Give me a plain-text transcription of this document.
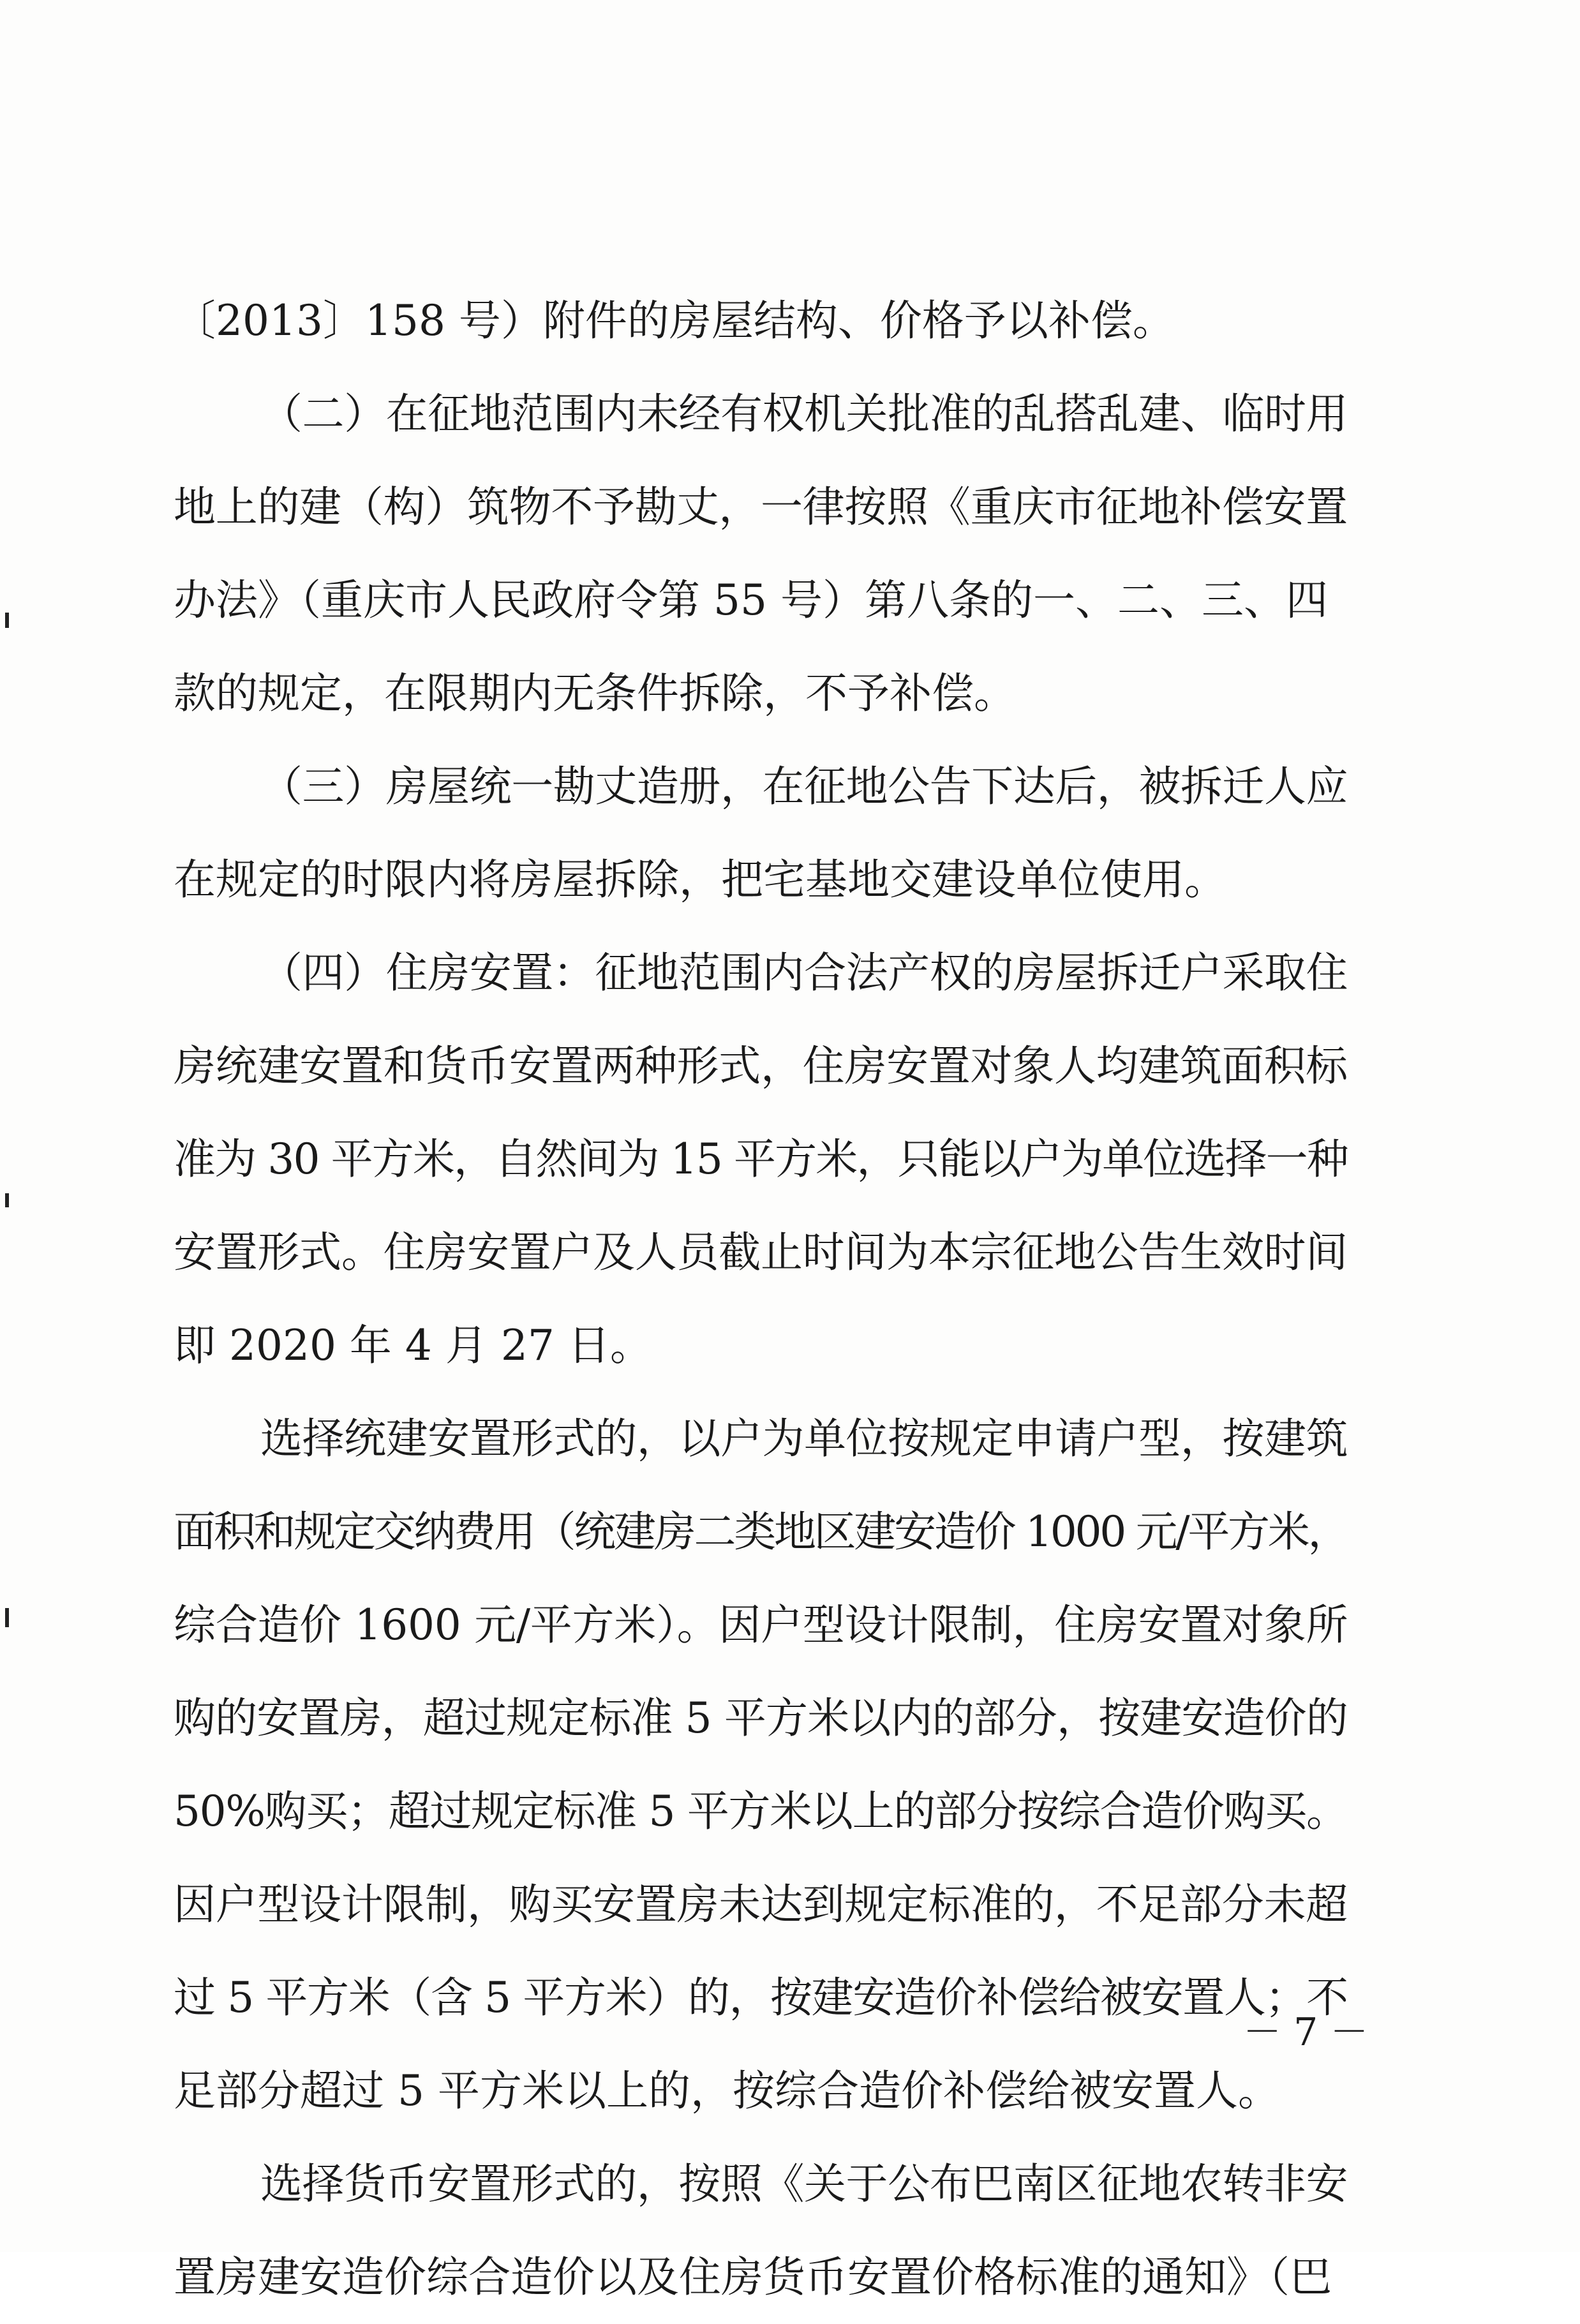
〔2013〕158 号）附件的房屋结构、价格予以补偿。
（二）在征地范围内未经有权机关批准的乱搭乱建、临时用
地上的建（构）筑物不予勘丈，一律按照《重庆市征地补偿安置
办法》（重庆市人民政府令第 55 号）第八条的一、二、三、四
款的规定，在限期内无条件拆除，不予补偿。
（三）房屋统一勘丈造册，在征地公告下达后，被拆迁人应
在规定的时限内将房屋拆除，把宅基地交建设单位使用。
（四）住房安置：征地范围内合法产权的房屋拆迁户采取住
房统建安置和货币安置两种形式，住房安置对象人均建筑面积标
准为 30 平方米，自然间为 15 平方米，只能以户为单位选择一种
安置形式。住房安置户及人员截止时间为本宗征地公告生效时间
即 2020 年 4 月 27 日。
选择统建安置形式的，以户为单位按规定申请户型，按建筑
面积和规定交纳费用（统建房二类地区建安造价 1000 元/平方米，
综合造价 1600 元/平方米）。因户型设计限制，住房安置对象所
购的安置房，超过规定标准 5 平方米以内的部分，按建安造价的
50%购买；超过规定标准 5 平方米以上的部分按综合造价购买。
因户型设计限制，购买安置房未达到规定标准的，不足部分未超
过 5 平方米（含 5 平方米）的，按建安造价补偿给被安置人；不
足部分超过 5 平方米以上的，按综合造价补偿给被安置人。
选择货币安置形式的，按照《关于公布巴南区征地农转非安
置房建安造价综合造价以及住房货币安置价格标准的通知》（巴
－ 7 －
